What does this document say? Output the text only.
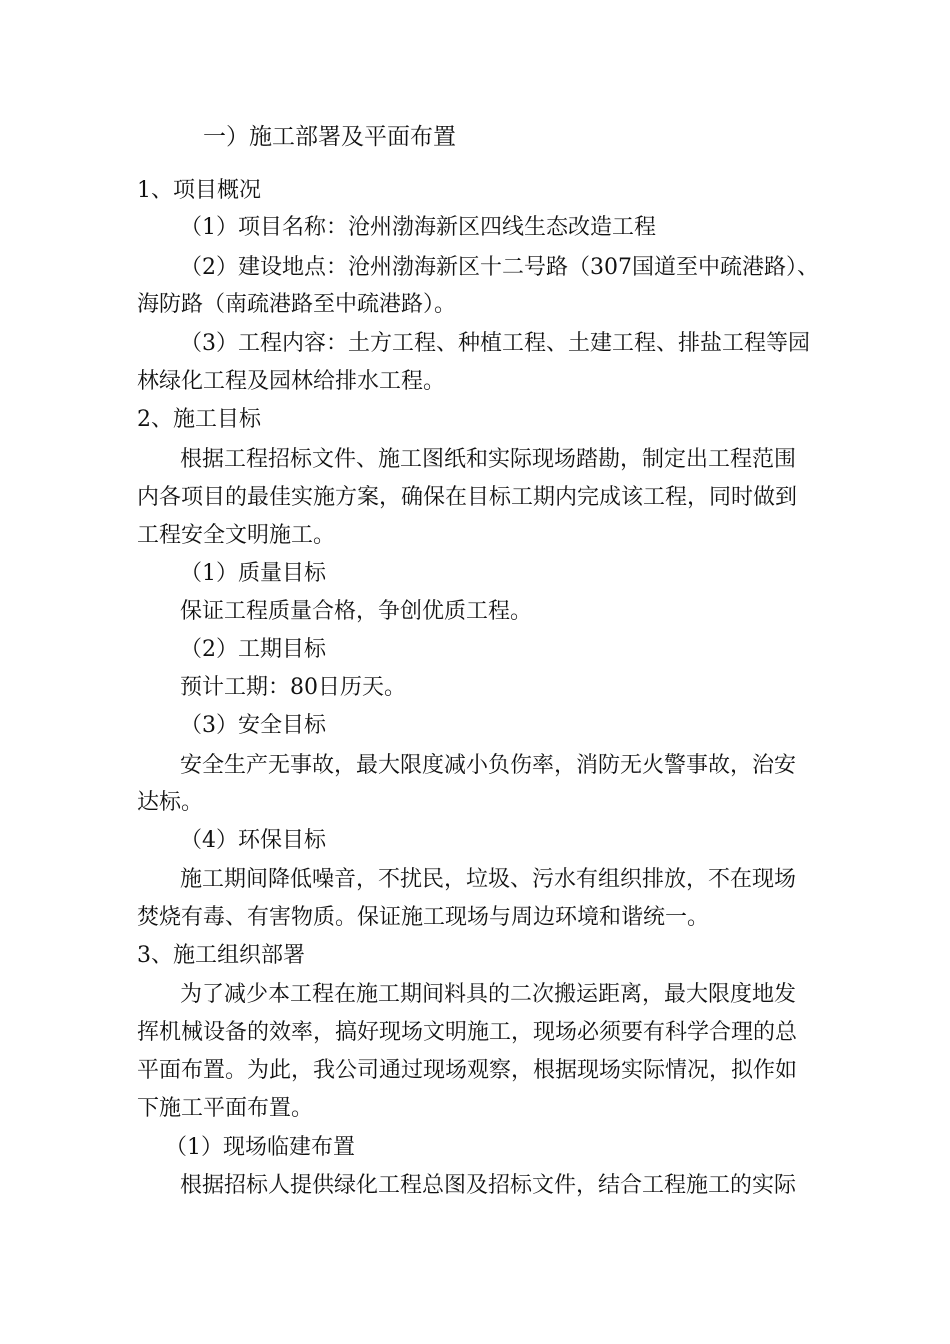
一）施工部署及平面布置
1、项目概况
（1）项目名称：沧州渤海新区四线生态改造工程
（2）建设地点：沧州渤海新区十二号路（307国道至中疏港路）、
海防路（南疏港路至中疏港路）。
（3）工程内容：土方工程、种植工程、土建工程、排盐工程等园
林绿化工程及园林给排水工程。
2、施工目标
根据工程招标文件、施工图纸和实际现场踏勘，制定出工程范围
内各项目的最佳实施方案，确保在目标工期内完成该工程，同时做到
工程安全文明施工。
（1）质量目标
保证工程质量合格，争创优质工程。
（2）工期目标
预计工期：80日历天。
（3）安全目标
安全生产无事故，最大限度减小负伤率，消防无火警事故，治安
达标。
（4）环保目标
施工期间降低噪音，不扰民，垃圾、污水有组织排放，不在现场
焚烧有毒、有害物质。保证施工现场与周边环境和谐统一。
3、施工组织部署
为了减少本工程在施工期间料具的二次搬运距离，最大限度地发
挥机械设备的效率，搞好现场文明施工，现场必须要有科学合理的总
平面布置。为此，我公司通过现场观察，根据现场实际情况，拟作如
下施工平面布置。
（1）现场临建布置
根据招标人提供绿化工程总图及招标文件，结合工程施工的实际
